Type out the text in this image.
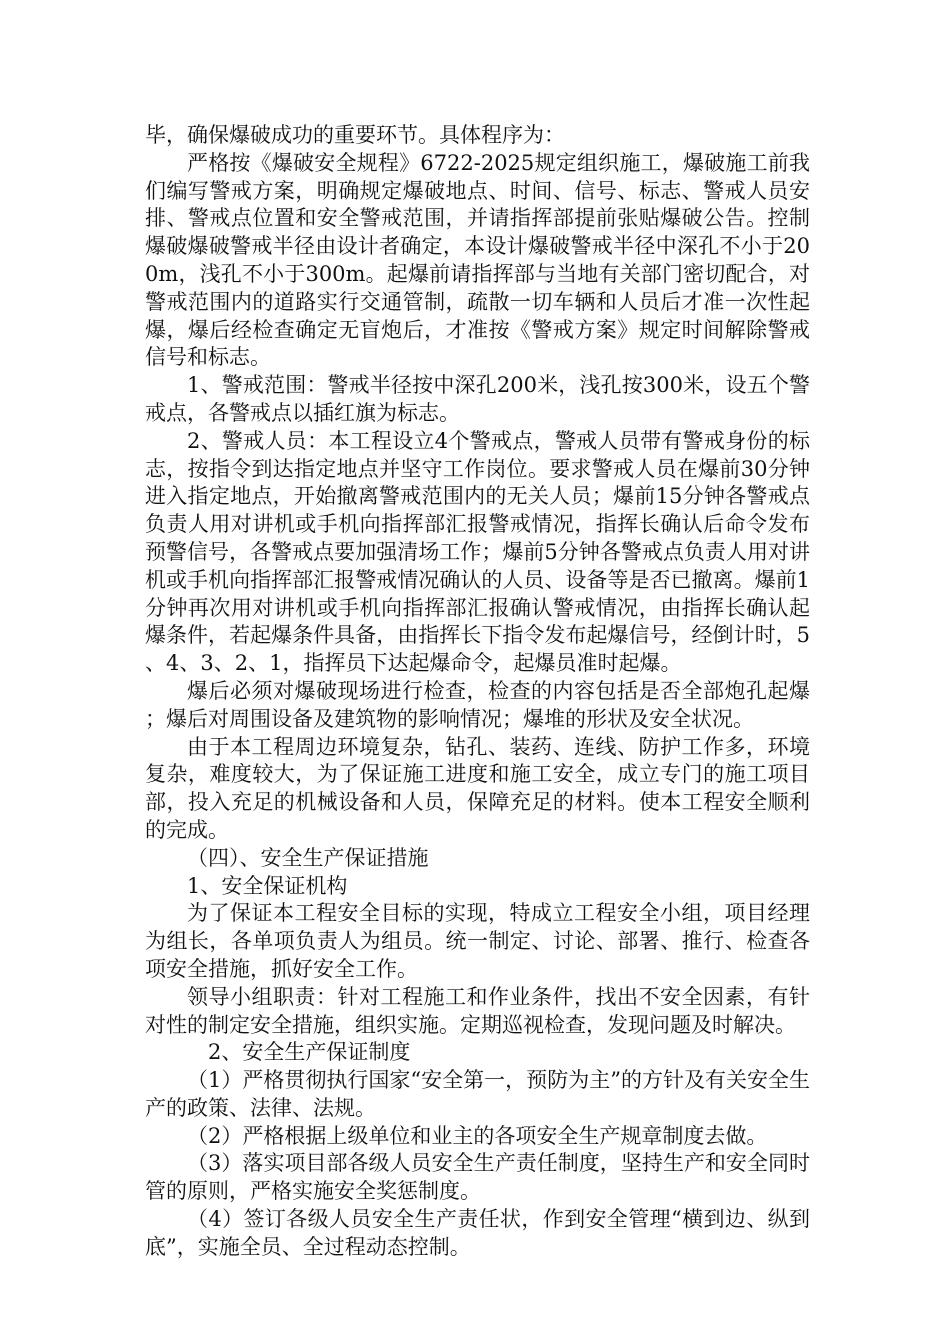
毕，确保爆破成功的重要环节。具体程序为：

严格按《爆破安全规程》6722-2025规定组织施工，爆破施工前我们编写警戒方案，明确规定爆破地点、时间、信号、标志、警戒人员安排、警戒点位置和安全警戒范围，并请指挥部提前张贴爆破公告。控制爆破爆破警戒半径由设计者确定，本设计爆破警戒半径中深孔不小于200m，浅孔不小于300m。起爆前请指挥部与当地有关部门密切配合，对警戒范围内的道路实行交通管制，疏散一切车辆和人员后才准一次性起爆，爆后经检查确定无盲炮后，才准按《警戒方案》规定时间解除警戒信号和标志。

1、警戒范围：警戒半径按中深孔200米，浅孔按300米，设五个警戒点，各警戒点以插红旗为标志。

2、警戒人员：本工程设立4个警戒点，警戒人员带有警戒身份的标志，按指令到达指定地点并坚守工作岗位。要求警戒人员在爆前30分钟进入指定地点，开始撤离警戒范围内的无关人员；爆前15分钟各警戒点负责人用对讲机或手机向指挥部汇报警戒情况，指挥长确认后命令发布预警信号，各警戒点要加强清场工作；爆前5分钟各警戒点负责人用对讲机或手机向指挥部汇报警戒情况确认的人员、设备等是否已撤离。爆前1分钟再次用对讲机或手机向指挥部汇报确认警戒情况，由指挥长确认起爆条件，若起爆条件具备，由指挥长下指令发布起爆信号，经倒计时，5、4、3、2、1，指挥员下达起爆命令，起爆员准时起爆。

爆后必须对爆破现场进行检查，检查的内容包括是否全部炮孔起爆；爆后对周围设备及建筑物的影响情况；爆堆的形状及安全状况。

由于本工程周边环境复杂，钻孔、装药、连线、防护工作多，环境复杂，难度较大，为了保证施工进度和施工安全，成立专门的施工项目部，投入充足的机械设备和人员，保障充足的材料。使本工程安全顺利的完成。

（四）、安全生产保证措施

1、安全保证机构

为了保证本工程安全目标的实现，特成立工程安全小组，项目经理为组长，各单项负责人为组员。统一制定、讨论、部署、推行、检查各项安全措施，抓好安全工作。

领导小组职责：针对工程施工和作业条件，找出不安全因素，有针对性的制定安全措施，组织实施。定期巡视检查，发现问题及时解决。

2、安全生产保证制度

（1）严格贯彻执行国家“安全第一，预防为主”的方针及有关安全生产的政策、法律、法规。

（2）严格根据上级单位和业主的各项安全生产规章制度去做。

（3）落实项目部各级人员安全生产责任制度，坚持生产和安全同时管的原则，严格实施安全奖惩制度。

（4）签订各级人员安全生产责任状，作到安全管理“横到边、纵到底”，实施全员、全过程动态控制。
